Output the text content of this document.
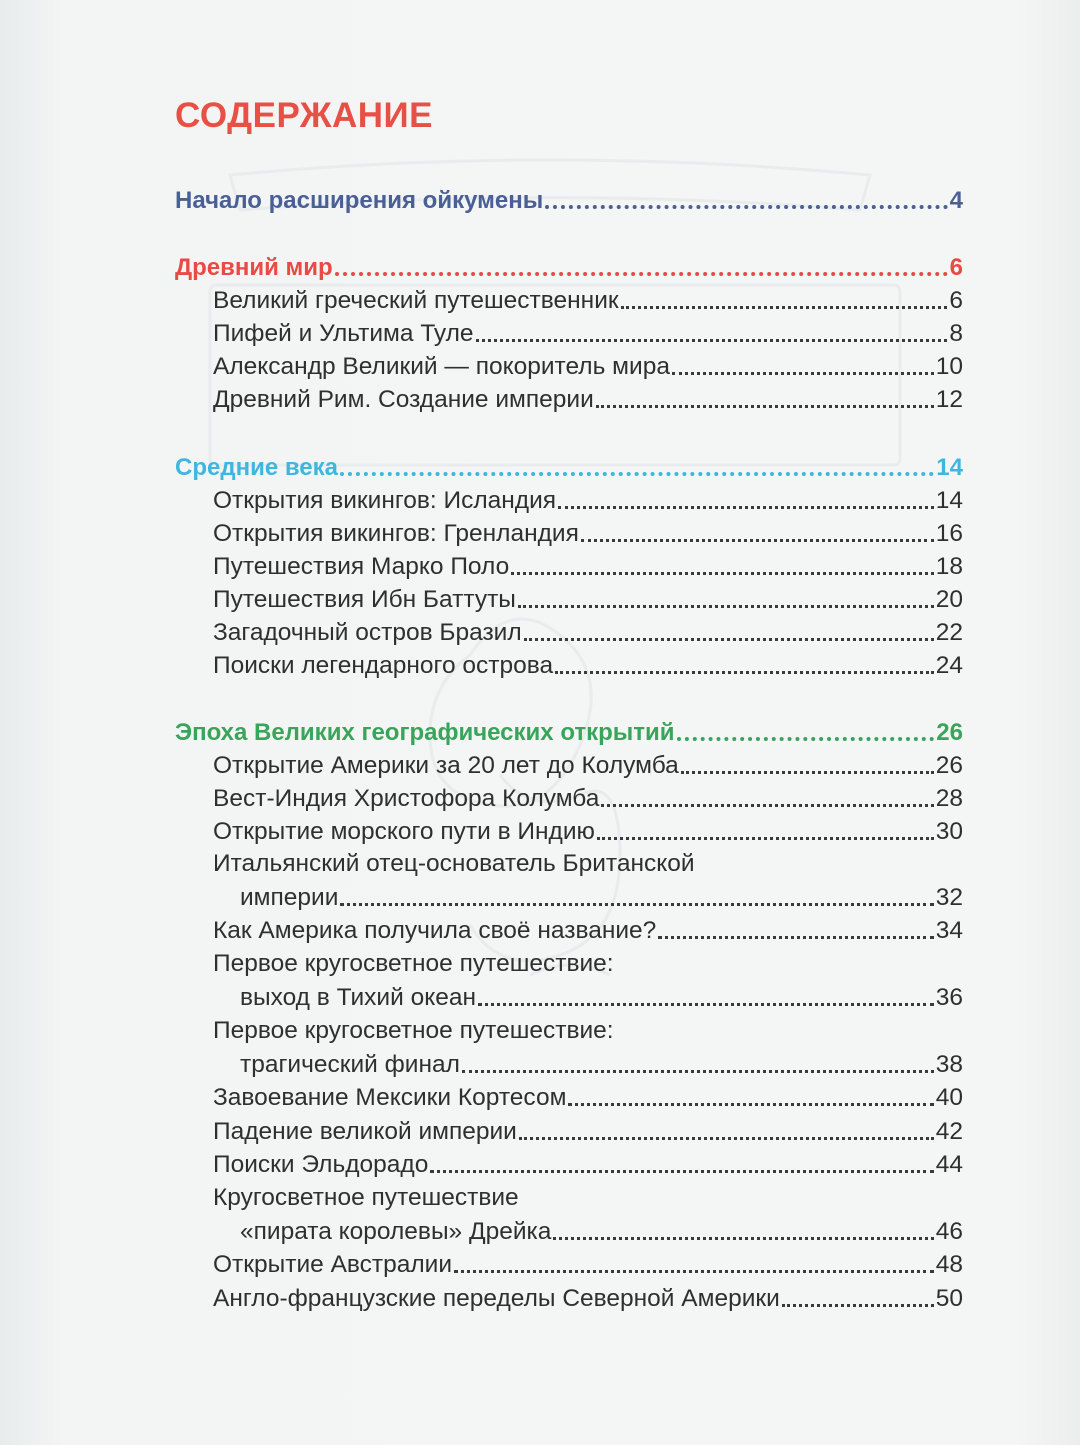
СОДЕРЖАНИЕ
Начало расширения ойкумены	4
Древний мир	6
Великий греческий путешественник	6
Пифей и Ультима Туле	8
Александр Великий — покоритель мира	10
Древний Рим. Создание империи	12
Средние века	14
Открытия викингов: Исландия	14
Открытия викингов: Гренландия	16
Путешествия Марко Поло	18
Путешествия Ибн Баттуты	20
Загадочный остров Бразил	22
Поиски легендарного острова	24
Эпоха Великих географических открытий	26
Открытие Америки за 20 лет до Колумба	26
Вест-Индия Христофора Колумба	28
Открытие морского пути в Индию	30
Итальянский отец-основатель Британской
империи	32
Как Америка получила своё название?	34
Первое кругосветное путешествие:
выход в Тихий океан	36
Первое кругосветное путешествие:
трагический финал	38
Завоевание Мексики Кортесом	40
Падение великой империи	42
Поиски Эльдорадо	44
Кругосветное путешествие
«пирата королевы» Дрейка	46
Открытие Австралии	48
Англо-французские переделы Северной Америки	50
